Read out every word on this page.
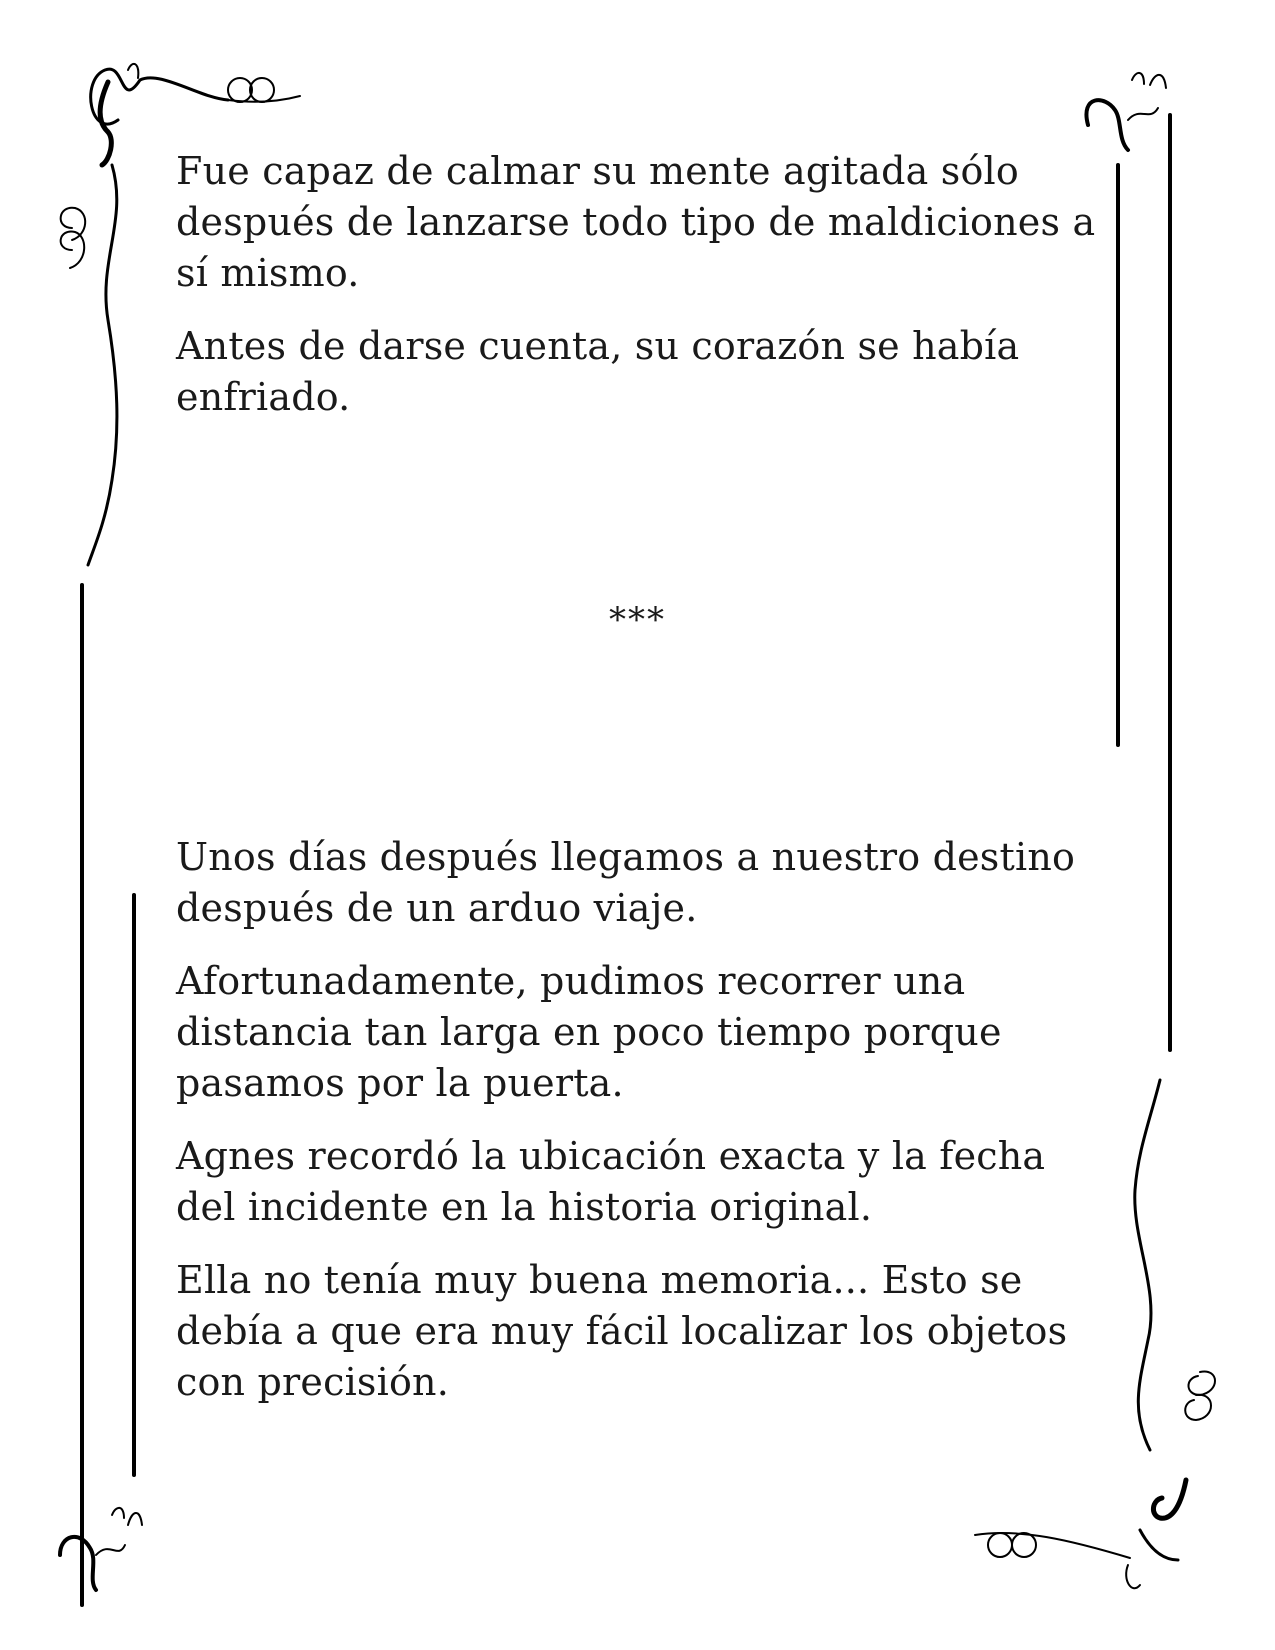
Fue capaz de calmar su mente agitada sólo después de lanzarse todo tipo de maldiciones a sí mismo.

Antes de darse cuenta, su corazón se había enfriado.

***

Unos días después llegamos a nuestro destino después de un arduo viaje.

Afortunadamente, pudimos recorrer una distancia tan larga en poco tiempo porque pasamos por la puerta.

Agnes recordó la ubicación exacta y la fecha del incidente en la historia original.

Ella no tenía muy buena memoria... Esto se debía a que era muy fácil localizar los objetos con precisión.
